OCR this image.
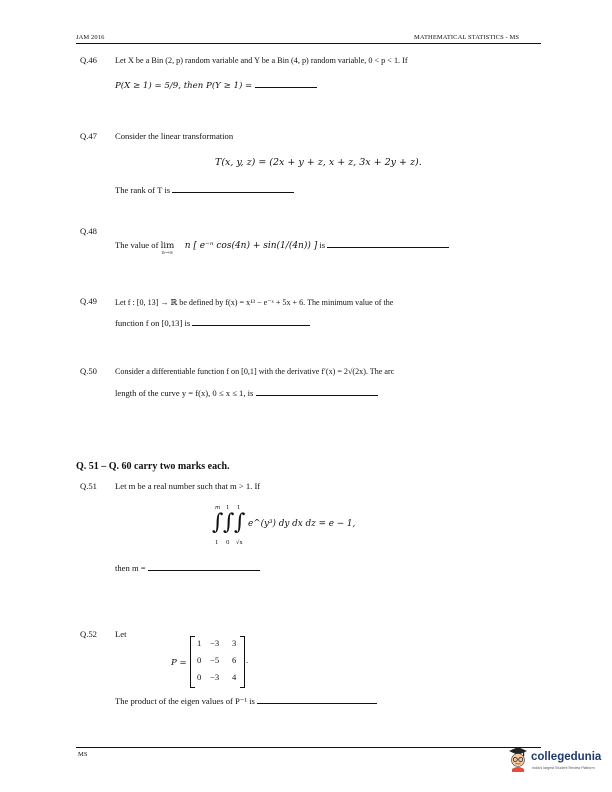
JAM 2016	MATHEMATICAL STATISTICS - MS
Q.46 Let X be a Bin (2, p) random variable and Y be a Bin (4, p) random variable, 0 < p < 1. If
P(X ≥ 1) = 5/9, then P(Y ≥ 1) =
Q.47 Consider the linear transformation
T(x, y, z) = (2x + y + z, x + z, 3x + 2y + z).
The rank of T is
Q.48
The value of lim
n→∞
n [ e⁻ⁿ cos(4n) + sin(1/(4n)) ] is
Q.49 Let f : [0, 13] → ℝ be defined by f(x) = x¹³ − e⁻ˣ + 5x + 6. The minimum value of the
function f on [0,13] is
Q.50 Consider a differentiable function f on [0,1] with the derivative f′(x) = 2√(2x). The arc
length of the curve y = f(x), 0 ≤ x ≤ 1, is
Q. 51 – Q. 60 carry two marks each.
Q.51 Let m be a real number such that m > 1. If
m 1 1
∫ ∫ ∫
1 0 √x
e^(y³) dy dx dz = e − 1,
then m =
Q.52 Let
P =
1 −3 3
0 −5 6
0 −3 4
.
The product of the eigen values of P⁻¹ is
MS	collegedunia
India's largest Student Review Platform
